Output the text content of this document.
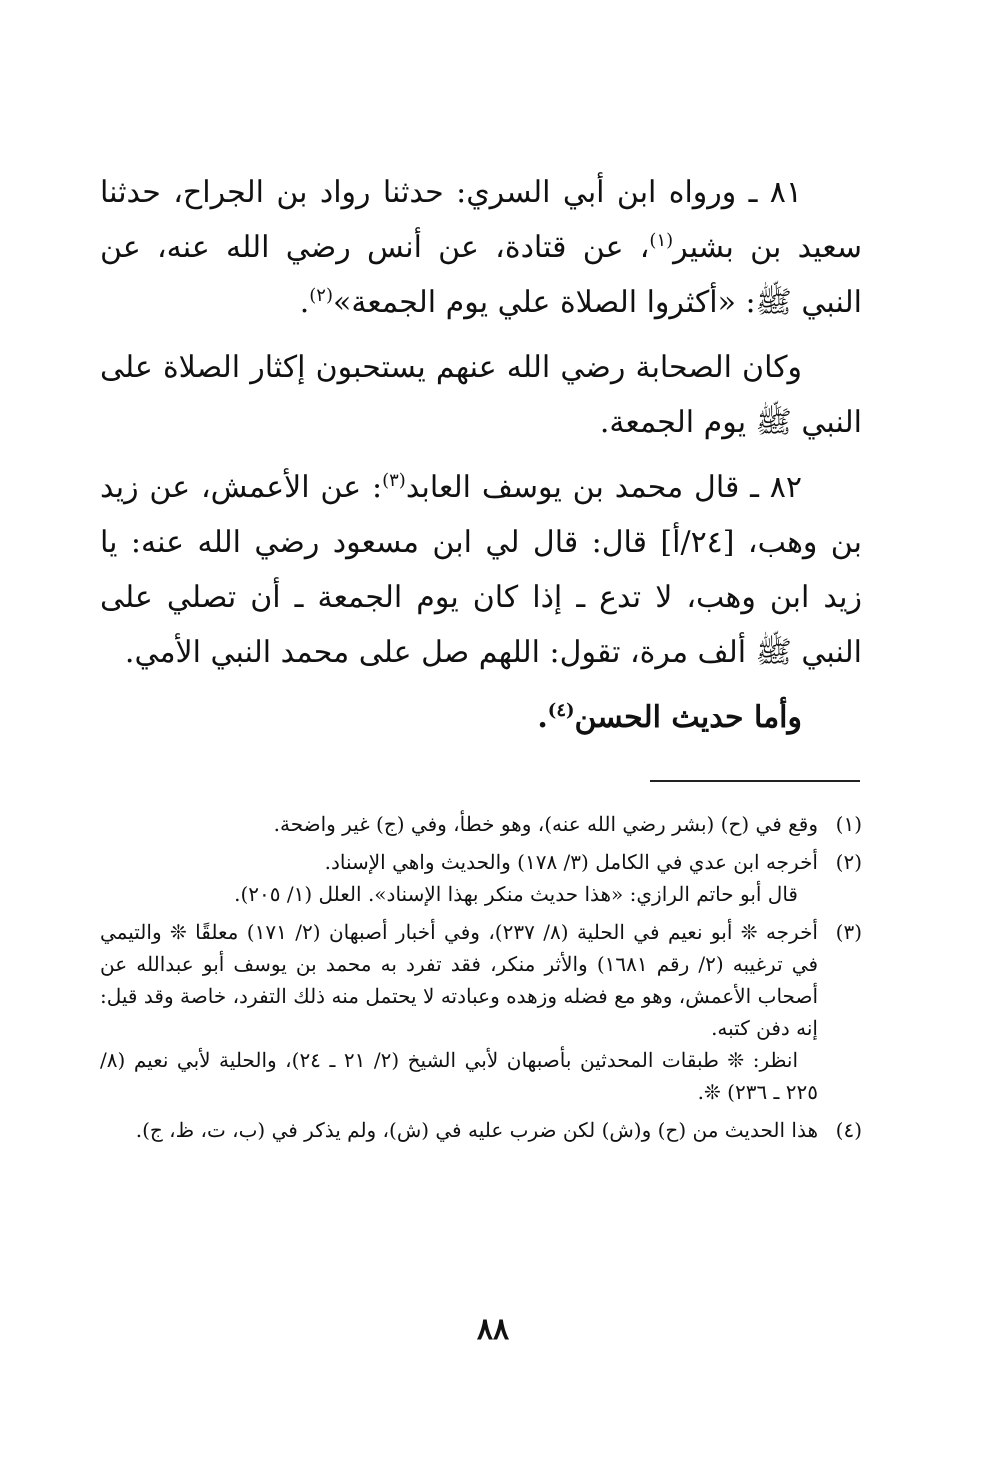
٨١ ـ ورواه ابن أبي السري: حدثنا رواد بن الجراح، حدثنا سعيد بن بشير$^{(١)}$، عن قتادة، عن أنس رضي الله عنه، عن النبي ﷺ: «أكثروا الصلاة علي يوم الجمعة»$^{(٢)}$.

وكان الصحابة رضي الله عنهم يستحبون إكثار الصلاة على النبي ﷺ يوم الجمعة.

٨٢ ـ قال محمد بن يوسف العابد$^{(٣)}$: عن الأعمش، عن زيد بن وهب، [٢٤/أ] قال: قال لي ابن مسعود رضي الله عنه: يا زيد ابن وهب، لا تدع ـ إذا كان يوم الجمعة ـ أن تصلي على النبي ﷺ ألف مرة، تقول: اللهم صل على محمد النبي الأمي.

وأما حديث الحسن$^{(٤)}$.

(١)
وقع في (ح) (بشر رضي الله عنه)، وهو خطأ، وفي (ج) غير واضحة.
(٢)
أخرجه ابن عدي في الكامل (٣/ ١٧٨) والحديث واهي الإسناد.
قال أبو حاتم الرازي: «هذا حديث منكر بهذا الإسناد». العلل (١/ ٢٠٥).
(٣)
أخرجه ❊ أبو نعيم في الحلية (٨/ ٢٣٧)، وفي أخبار أصبهان (٢/ ١٧١) معلقًا ❊ والتيمي في ترغيبه (٢/ رقم ١٦٨١) والأثر منكر، فقد تفرد به محمد بن يوسف أبو عبدالله عن أصحاب الأعمش، وهو مع فضله وزهده وعبادته لا يحتمل منه ذلك التفرد، خاصة وقد قيل: إنه دفن كتبه.
انظر: ❊ طبقات المحدثين بأصبهان لأبي الشيخ (٢/ ٢١ ـ ٢٤)، والحلية لأبي نعيم (٨/ ٢٢٥ ـ ٢٣٦) ❊.
(٤)
هذا الحديث من (ح) و(ش) لكن ضرب عليه في (ش)، ولم يذكر في (ب، ت، ظ، ج).
٨٨
